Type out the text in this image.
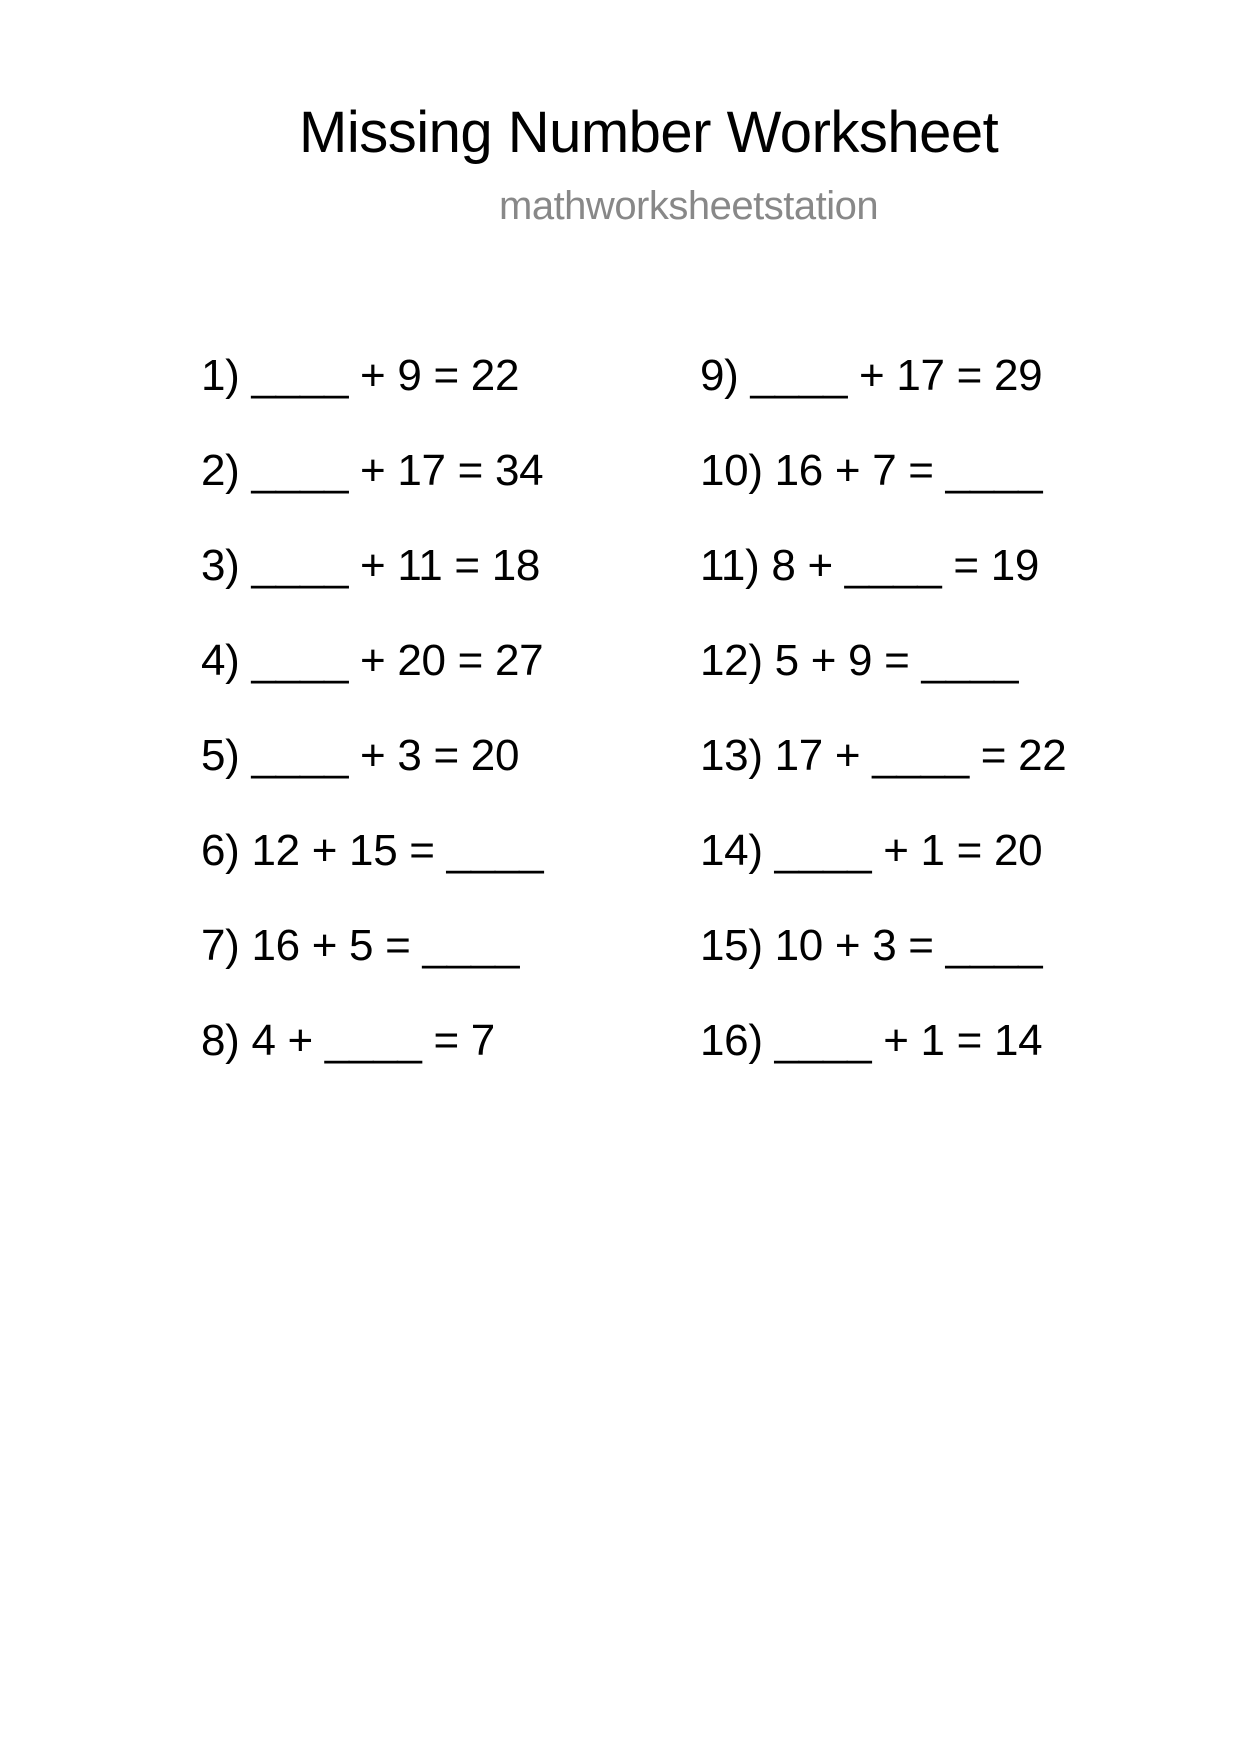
Missing Number Worksheet
mathworksheetstation
1) ____ + 9 = 22
2) ____ + 17 = 34
3) ____ + 11 = 18
4) ____ + 20 = 27
5) ____ + 3 = 20
6) 12 + 15 = ____
7) 16 + 5 = ____
8) 4 + ____ = 7
9) ____ + 17 = 29
10) 16 + 7 = ____
11) 8 + ____ = 19
12) 5 + 9 = ____
13) 17 + ____ = 22
14) ____ + 1 = 20
15) 10 + 3 = ____
16) ____ + 1 = 14
